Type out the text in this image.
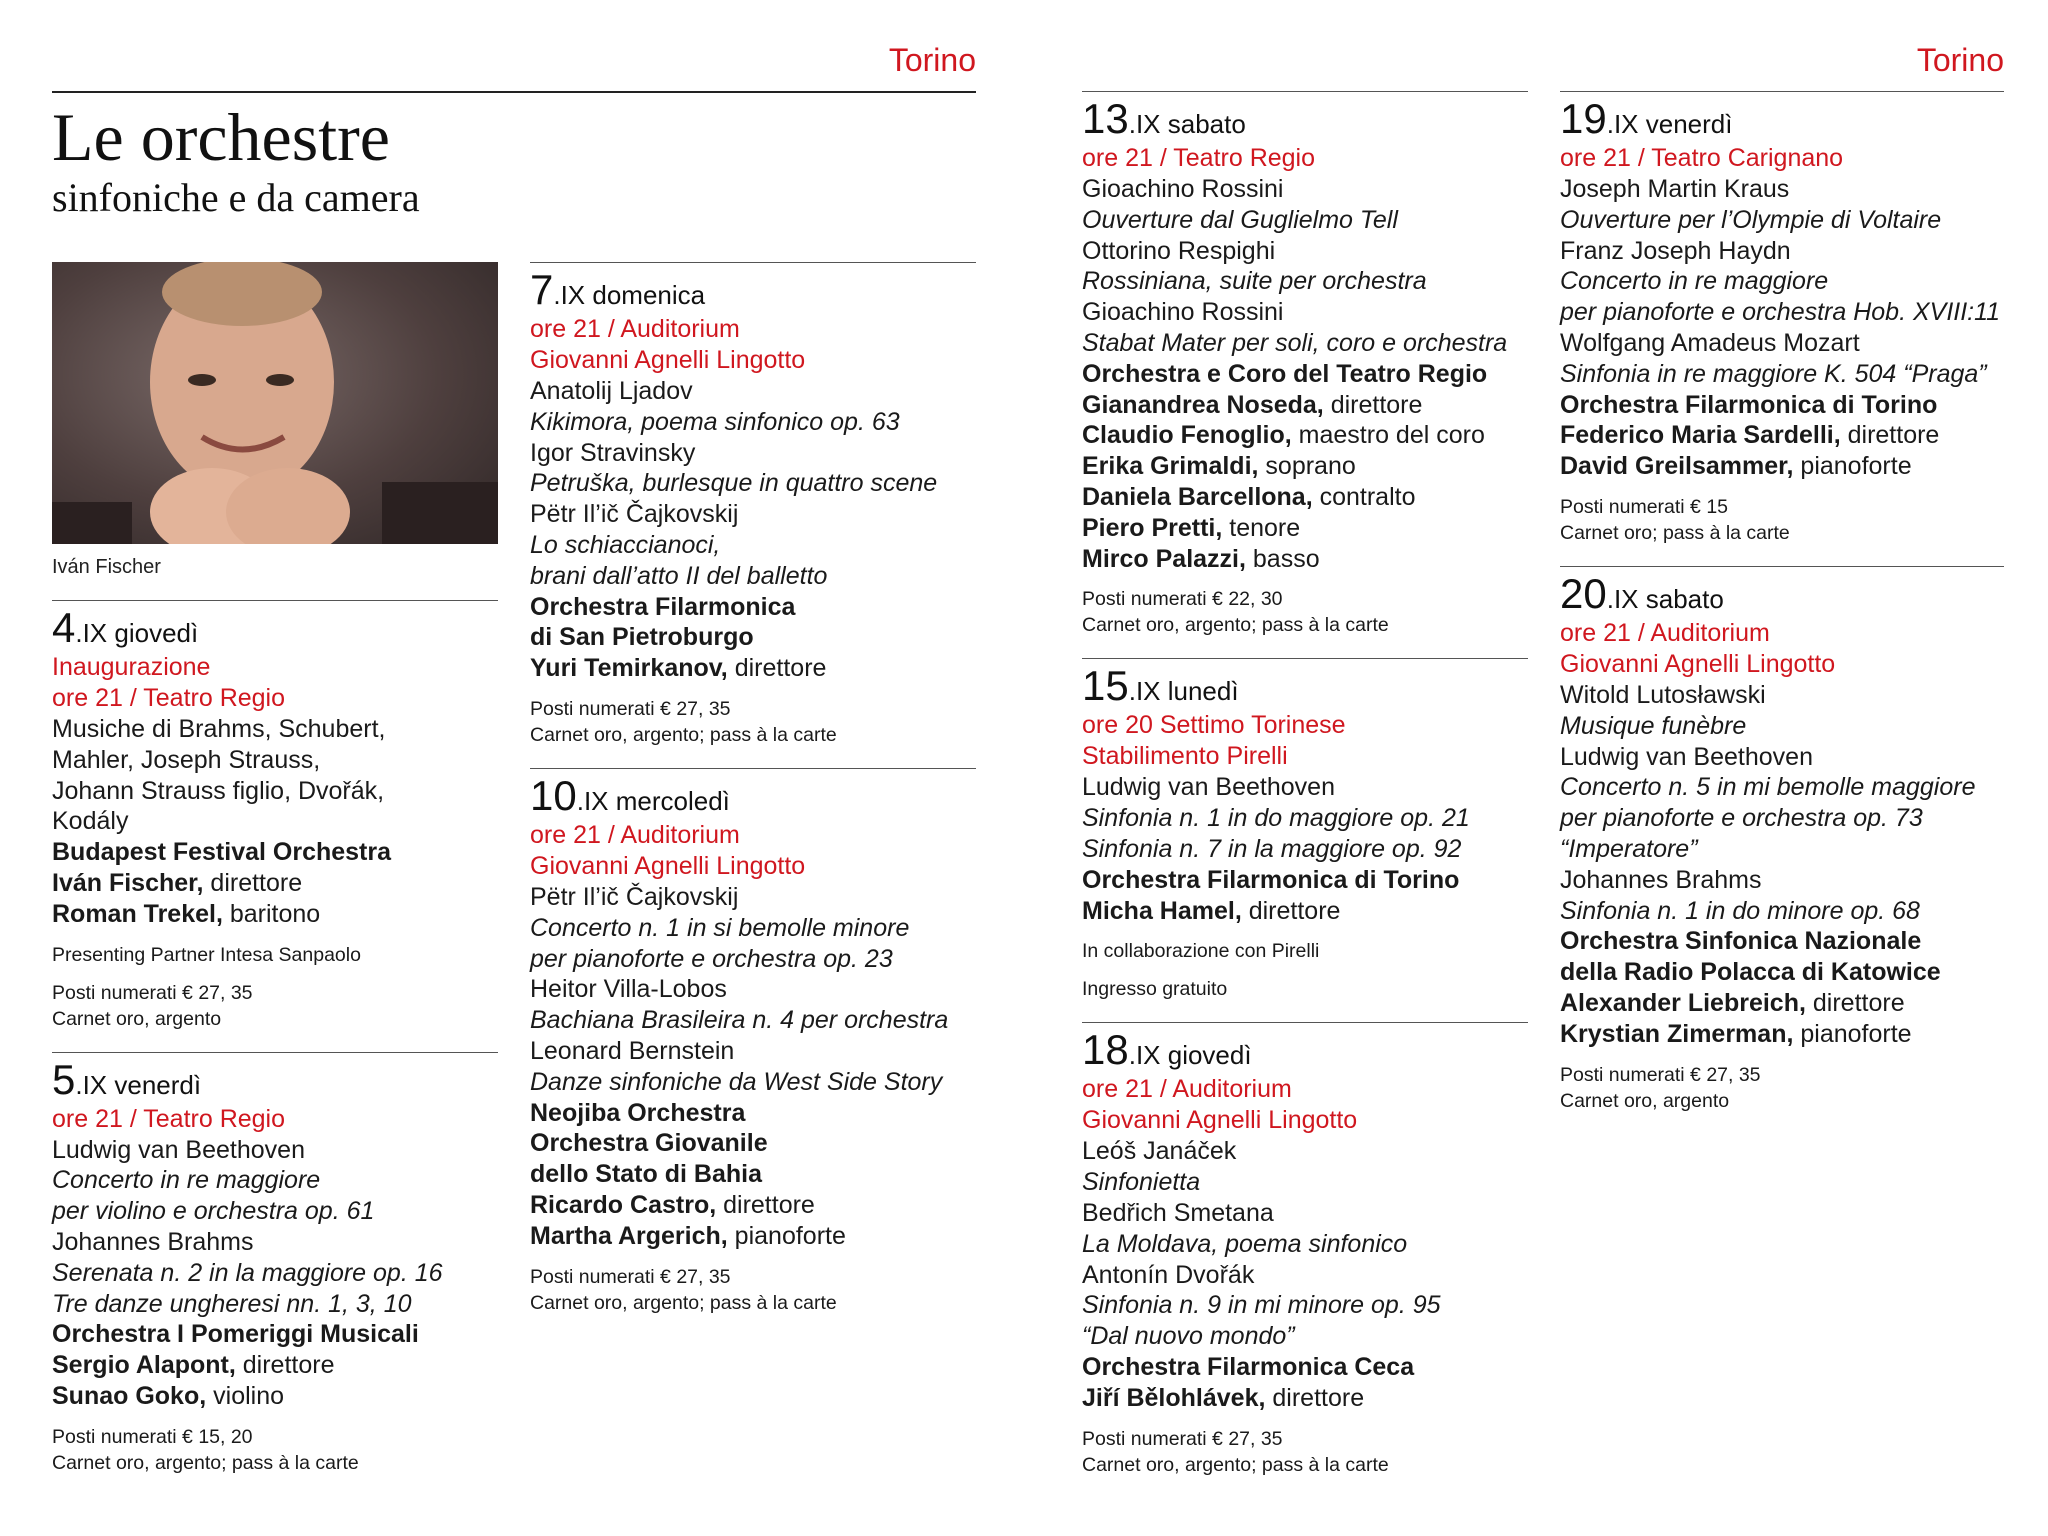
Torino	Torino
Le orchestre
sinfoniche e da camera
Iván Fischer
4.IX giovedì
Inaugurazione
ore 21 / Teatro Regio
Musiche di Brahms, Schubert,
Mahler, Joseph Strauss,
Johann Strauss figlio, Dvořák,
Kodály
Budapest Festival Orchestra
Iván Fischer, direttore
Roman Trekel, baritono
Presenting Partner Intesa Sanpaolo
Posti numerati € 27, 35
Carnet oro, argento
5.IX venerdì
ore 21 / Teatro Regio
Ludwig van Beethoven
Concerto in re maggiore
per violino e orchestra op. 61
Johannes Brahms
Serenata n. 2 in la maggiore op. 16
Tre danze ungheresi nn. 1, 3, 10
Orchestra I Pomeriggi Musicali
Sergio Alapont, direttore
Sunao Goko, violino
Posti numerati € 15, 20
Carnet oro, argento; pass à la carte
7.IX domenica
ore 21 / Auditorium
Giovanni Agnelli Lingotto
Anatolij Ljadov
Kikimora, poema sinfonico op. 63
Igor Stravinsky
Petruška, burlesque in quattro scene
Pëtr Il’ič Čajkovskij
Lo schiaccianoci,
brani dall’atto II del balletto
Orchestra Filarmonica
di San Pietroburgo
Yuri Temirkanov, direttore
Posti numerati € 27, 35
Carnet oro, argento; pass à la carte
10.IX mercoledì
ore 21 / Auditorium
Giovanni Agnelli Lingotto
Pëtr Il’ič Čajkovskij
Concerto n. 1 in si bemolle minore
per pianoforte e orchestra op. 23
Heitor Villa-Lobos
Bachiana Brasileira n. 4 per orchestra
Leonard Bernstein
Danze sinfoniche da West Side Story
Neojiba Orchestra
Orchestra Giovanile
dello Stato di Bahia
Ricardo Castro, direttore
Martha Argerich, pianoforte
Posti numerati € 27, 35
Carnet oro, argento; pass à la carte
13.IX sabato
ore 21 / Teatro Regio
Gioachino Rossini
Ouverture dal Guglielmo Tell
Ottorino Respighi
Rossiniana, suite per orchestra
Gioachino Rossini
Stabat Mater per soli, coro e orchestra
Orchestra e Coro del Teatro Regio
Gianandrea Noseda, direttore
Claudio Fenoglio, maestro del coro
Erika Grimaldi, soprano
Daniela Barcellona, contralto
Piero Pretti, tenore
Mirco Palazzi, basso
Posti numerati € 22, 30
Carnet oro, argento; pass à la carte
15.IX lunedì
ore 20 Settimo Torinese
Stabilimento Pirelli
Ludwig van Beethoven
Sinfonia n. 1 in do maggiore op. 21
Sinfonia n. 7 in la maggiore op. 92
Orchestra Filarmonica di Torino
Micha Hamel, direttore
In collaborazione con Pirelli
Ingresso gratuito
18.IX giovedì
ore 21 / Auditorium
Giovanni Agnelli Lingotto
Leóš Janáček
Sinfonietta
Bedřich Smetana
La Moldava, poema sinfonico
Antonín Dvořák
Sinfonia n. 9 in mi minore op. 95
“Dal nuovo mondo”
Orchestra Filarmonica Ceca
Jiří Bělohlávek, direttore
Posti numerati € 27, 35
Carnet oro, argento; pass à la carte
19.IX venerdì
ore 21 / Teatro Carignano
Joseph Martin Kraus
Ouverture per l’Olympie di Voltaire
Franz Joseph Haydn
Concerto in re maggiore
per pianoforte e orchestra Hob. XVIII:11
Wolfgang Amadeus Mozart
Sinfonia in re maggiore K. 504 “Praga”
Orchestra Filarmonica di Torino
Federico Maria Sardelli, direttore
David Greilsammer, pianoforte
Posti numerati € 15
Carnet oro; pass à la carte
20.IX sabato
ore 21 / Auditorium
Giovanni Agnelli Lingotto
Witold Lutosławski
Musique funèbre
Ludwig van Beethoven
Concerto n. 5 in mi bemolle maggiore
per pianoforte e orchestra op. 73
“Imperatore”
Johannes Brahms
Sinfonia n. 1 in do minore op. 68
Orchestra Sinfonica Nazionale
della Radio Polacca di Katowice
Alexander Liebreich, direttore
Krystian Zimerman, pianoforte
Posti numerati € 27, 35
Carnet oro, argento
